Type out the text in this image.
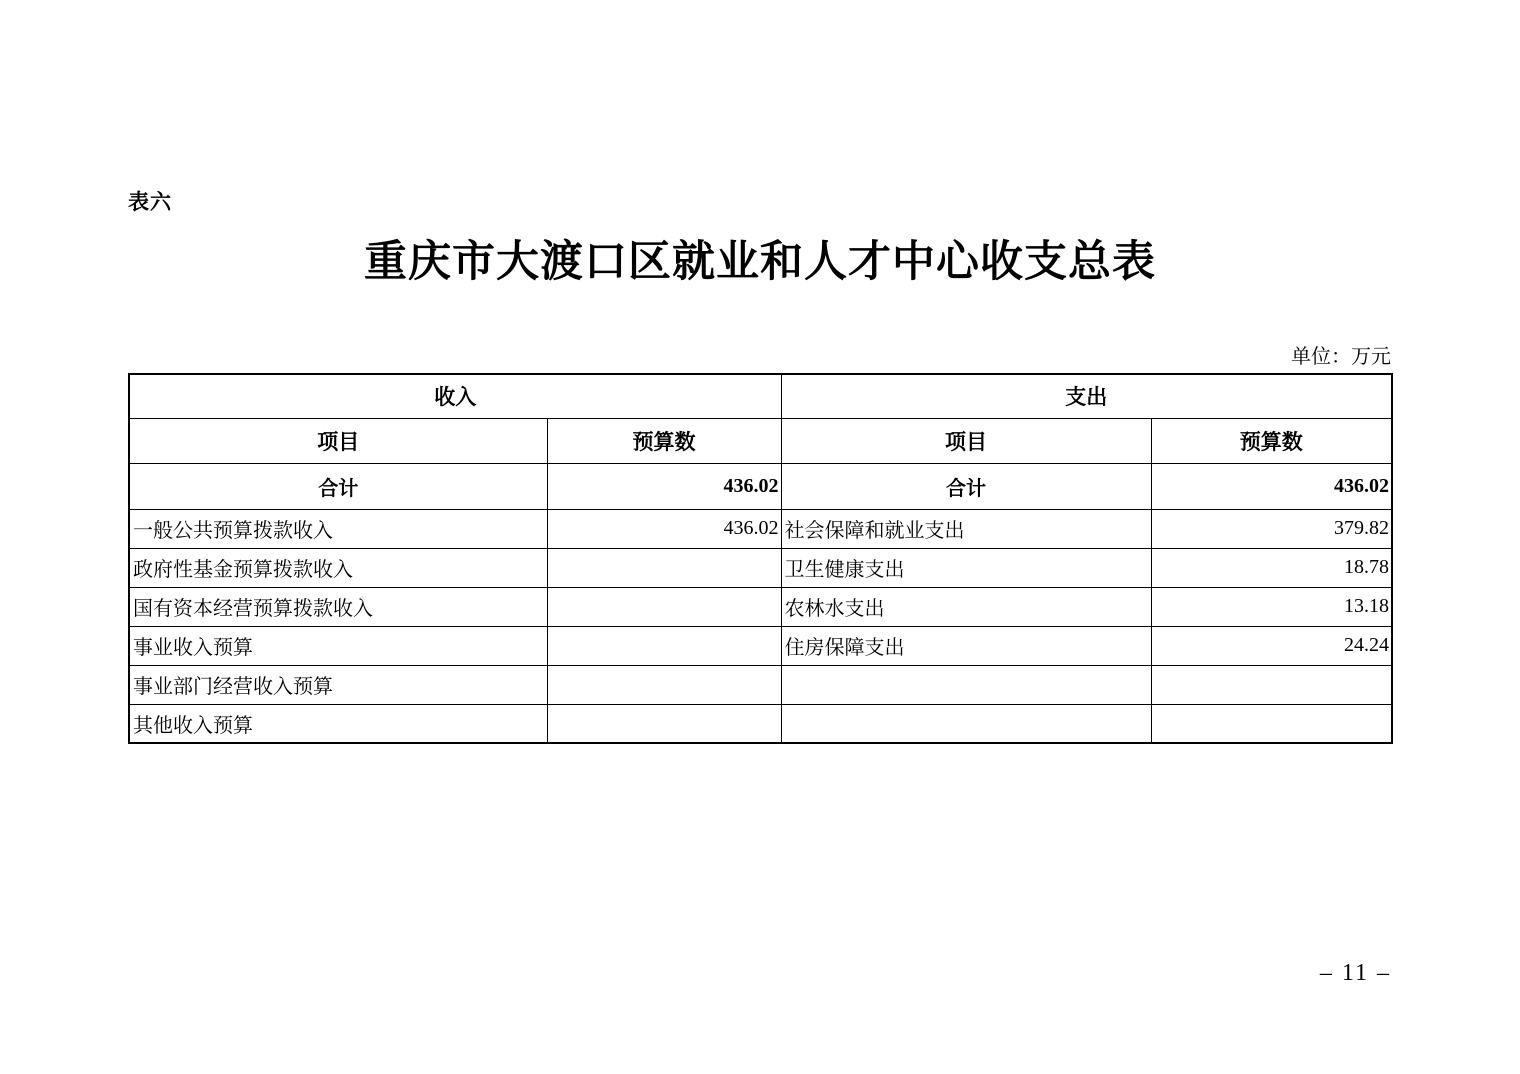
表六
重庆市大渡口区就业和人才中心收支总表
单位：万元
收入		支出	
项目	预算数	项目	预算数
合计	436.02	合计	436.02
一般公共预算拨款收入	436.02	社会保障和就业支出	379.82
政府性基金预算拨款收入		卫生健康支出	18.78
国有资本经营预算拨款收入		农林水支出	13.18
事业收入预算		住房保障支出	24.24
事业部门经营收入预算			
其他收入预算			
– 11 –
